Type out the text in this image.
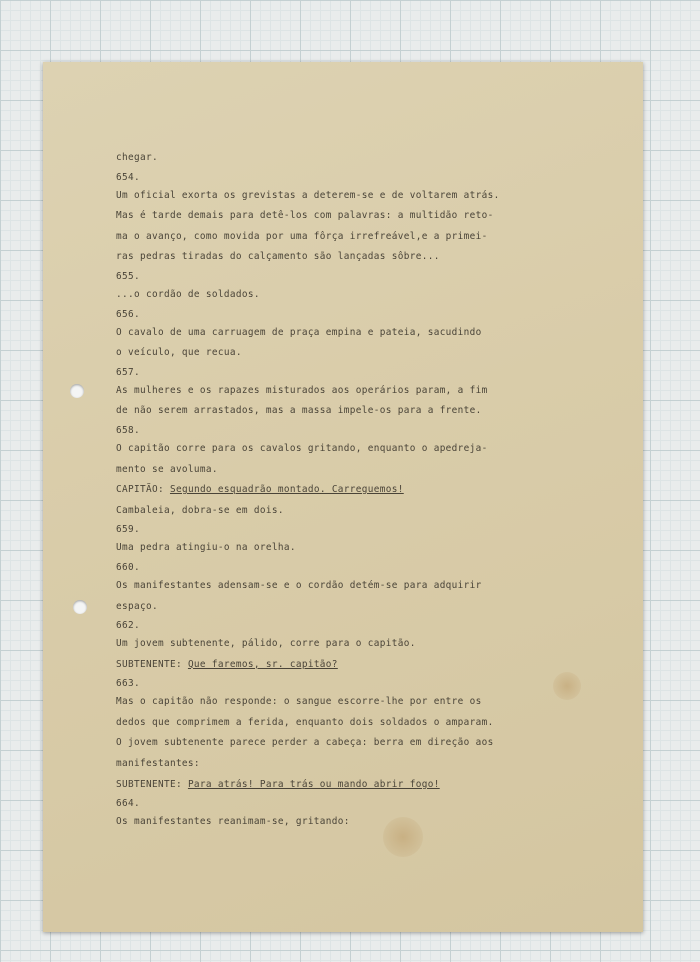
chegar.
654.
Um oficial exorta os grevistas a deterem-se e de voltarem atrás.
Mas é tarde demais para detê-los com palavras: a multidão reto-
ma o avanço, como movida por uma fôrça irrefreável,e a primei-
ras pedras tiradas do calçamento são lançadas sôbre...
655.
...o cordão de soldados.
656.
O cavalo de uma carruagem de praça empina e pateia, sacudindo
o veículo, que recua.
657.
As mulheres e os rapazes misturados aos operários param, a fim
de não serem arrastados, mas a massa impele-os para a frente.
658.
O capitão corre para os cavalos gritando, enquanto o apedreja-
mento se avoluma.
CAPITÃO: Segundo esquadrão montado. Carreguemos!
Cambaleia, dobra-se em dois.
659.
Uma pedra atingiu-o na orelha.
660.
Os manifestantes adensam-se e o cordão detém-se para adquirir
espaço.
662.
Um jovem subtenente, pálido, corre para o capitão.
SUBTENENTE: Que faremos, sr. capitão?
663.
Mas o capitão não responde: o sangue escorre-lhe por entre os
dedos que comprimem a ferida, enquanto dois soldados o amparam.
O jovem subtenente parece perder a cabeça: berra em direção aos
manifestantes:
SUBTENENTE: Para atrás! Para trás ou mando abrir fogo!
664.
Os manifestantes reanimam-se, gritando:
